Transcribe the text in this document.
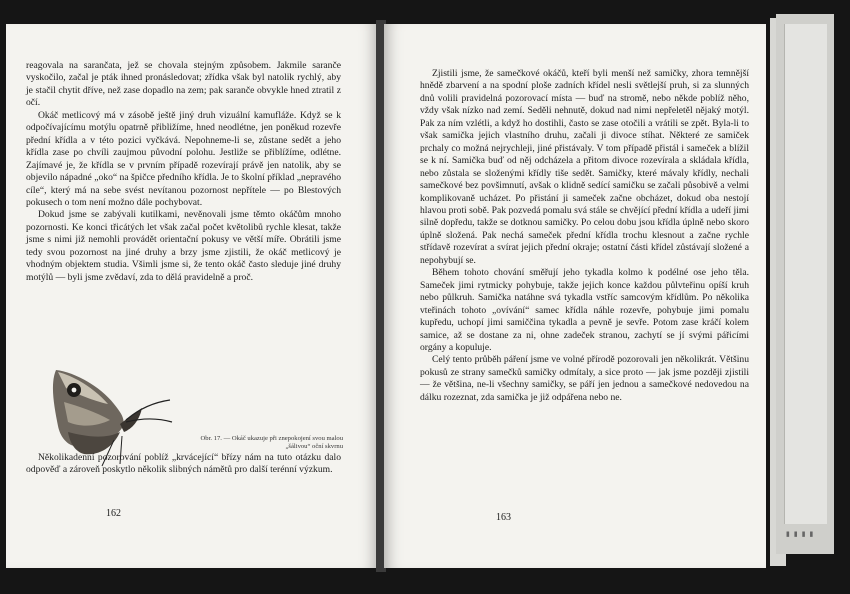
▮▮▮▮

reagovala na sarančata, jež se chovala stejným způsobem. Jakmile saranče vyskočilo, začal je pták ihned pronásledovat; zřídka však byl natolik rychlý, aby je stačil chytit dříve, než zase dopadlo na zem; pak saranče obvykle hned ztratil z očí.

Okáč metlicový má v zásobě ještě jiný druh vizuální kamufláže. Když se k odpočívajícímu motýlu opatrně přibližíme, hned neodlétne, jen poněkud rozevře přední křídla a v této pozici vyčkává. Nepohneme-li se, zůstane sedět a jeho křídla zase po chvíli zaujmou původní polohu. Jestliže se přiblížíme, odlétne. Zajímavé je, že křídla se v prvním případě rozevírají právě jen natolik, aby se objevilo nápadné „oko“ na špičce předního křídla. Je to školní příklad „nepravého cíle“, který má na sebe svést nevítanou pozornost nepřítele — po Blestových pokusech o tom není možno dále pochybovat.

Dokud jsme se zabývali kutilkami, nevěnovali jsme těmto okáčům mnoho pozornosti. Ke konci třicátých let však začal počet květolibů rychle klesat, takže jsme s nimi již nemohli provádět orientační pokusy ve větší míře. Obrátili jsme tedy svou pozornost na jiné druhy a brzy jsme zjistili, že okáč metlicový je vhodným objektem studia. Všimli jsme si, že tento okáč často sleduje jiné druhy motýlů — byli jsme zvědaví, zda to dělá pravidelně a proč.

Obr. 17. — Okáč ukazuje při znepokojení svou malou „šálivou“ oční skvrnu

Několikadenní pozorování poblíž „krvácející“ břízy nám na tuto otázku dalo odpověď a zároveň poskytlo několik slibných námětů pro další terénní výzkum.

162

Zjistili jsme, že samečkové okáčů, kteří byli menší než samičky, zhora temnější hnědě zbarvení a na spodní ploše zadních křídel nesli světlejší pruh, si za slunných dnů volili pravidelná pozorovací místa — buď na stromě, nebo někde poblíž něho, vždy však nízko nad zemí. Seděli nehnutě, dokud nad nimi nepřeletěl nějaký motýl. Pak za ním vzlétli, a když ho dostihli, často se zase otočili a vrátili se zpět. Byla-li to však samička jejich vlastního druhu, začali ji divoce stíhat. Některé ze samiček prchaly co možná nejrychleji, jiné přistávaly. V tom případě přistál i sameček a blížil se k ní. Samička buď od něj odcházela a přitom divoce rozevírala a skládala křídla, nebo zůstala se složenými křídly tiše sedět. Samičky, které mávaly křídly, nechali samečkové bez povšimnutí, avšak o klidně sedící samičku se začali působivě a velmi komplikovaně ucházet. Po přistání ji sameček začne obcházet, dokud oba nestojí hlavou proti sobě. Pak pozvedá pomalu svá stále se chvějící přední křídla a udeří jimi silně dopředu, takže se dotknou samičky. Po celou dobu jsou křídla úplně nebo skoro úplně složená. Pak nechá sameček přední křídla trochu klesnout a začne rychle střídavě rozevírat a svírat jejich přední okraje; ostatní části křídel zůstávají složené a nepohybují se.

Během tohoto chování směřují jeho tykadla kolmo k podélné ose jeho těla. Sameček jimi rytmicky pohybuje, takže jejich konce každou půlvteřinu opíší kruh nebo půlkruh. Samička natáhne svá tykadla vstříc samcovým křídlům. Po několika vteřinách tohoto „ovívání“ samec křídla náhle rozevře, pohybuje jimi pomalu kupředu, uchopí jimi samiččina tykadla a pevně je sevře. Potom zase kráčí kolem samice, až se dostane za ni, ohne zadeček stranou, zachytí se jí svými pářicími orgány a kopuluje.

Celý tento průběh páření jsme ve volné přírodě pozorovali jen několikrát. Většinu pokusů ze strany samečků samičky odmítaly, a sice proto — jak jsme později zjistili — že většina, ne-li všechny samičky, se páří jen jednou a samečkové nedovedou na dálku rozeznat, zda samička je již odpářena nebo ne.

163
